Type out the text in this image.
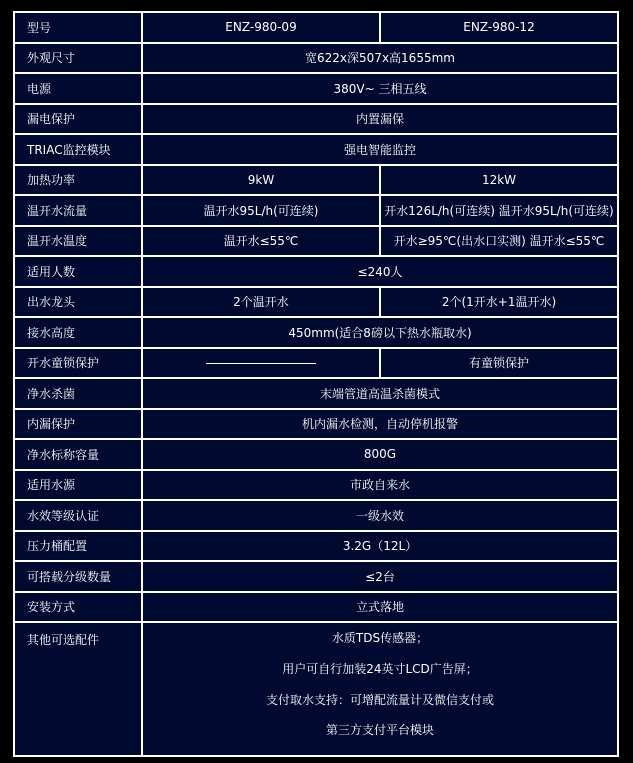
型号	ENZ-980-09	ENZ-980-12
外观尺寸	宽622x深507x高1655mm	
电源	380V~ 三相五线	
漏电保护	内置漏保	
TRIAC监控模块	强电智能监控	
加热功率	9kW	12kW
温开水流量	温开水95L/h(可连续)	开水126L/h(可连续) 温开水95L/h(可连续)
温开水温度	温开水≤55℃	开水≥95℃(出水口实测) 温开水≤55℃
适用人数	≤240人	
出水龙头	2个温开水	2个(1开水+1温开水)
接水高度	450mm(适合8磅以下热水瓶取水)	
开水童锁保护		有童锁保护
净水杀菌	末端管道高温杀菌模式	
内漏保护	机内漏水检测，自动停机报警	
净水标称容量	800G	
适用水源	市政自来水	
水效等级认证	一级水效	
压力桶配置	3.2G（12L）	
可搭载分级数量	≤2台	
安装方式	立式落地	
其他可选配件	水质TDS传感器；
用户可自行加装24英寸LCD广告屏；
支付取水支持：可增配流量计及微信支付或
第三方支付平台模块	
